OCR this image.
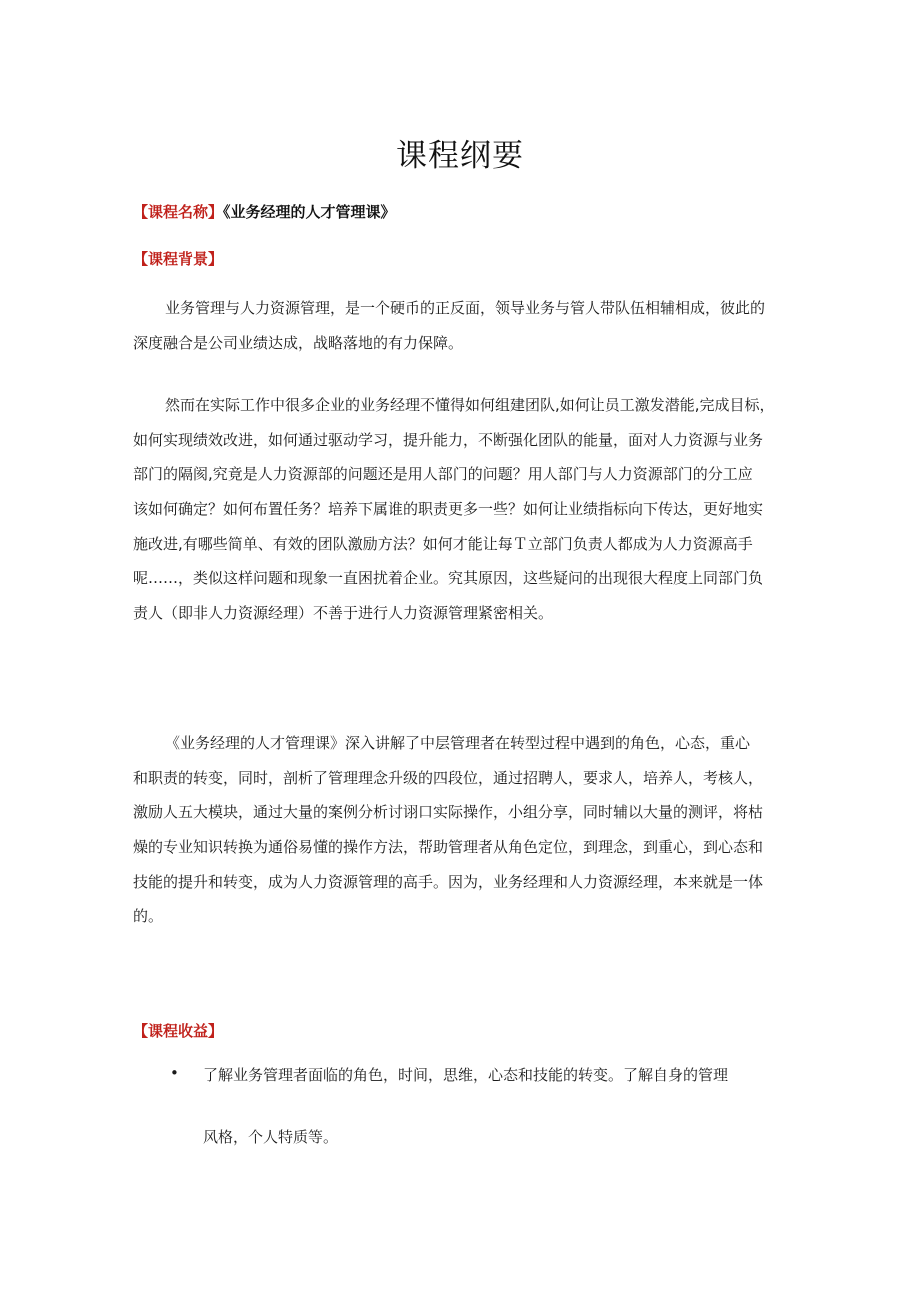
课程纲要
【课程名称】《业务经理的人才管理课》
【课程背景】
业务管理与人力资源管理，是一个硬币的正反面，领导业务与管人带队伍相辅相成，彼此的
深度融合是公司业绩达成，战略落地的有力保障。
然而在实际工作中很多企业的业务经理不懂得如何组建团队,如何让员工激发潜能,完成目标，
如何实现绩效改进，如何通过驱动学习，提升能力，不断强化团队的能量，面对人力资源与业务
部门的隔阂,究竟是人力资源部的问题还是用人部门的问题？用人部门与人力资源部门的分工应
该如何确定？如何布置任务？培养下属谁的职责更多一些？如何让业绩指标向下传达，更好地实
施改进,有哪些简单、有效的团队激励方法？如何才能让每Ｔ立部门负责人都成为人力资源高手
呢……，类似这样问题和现象一直困扰着企业。究其原因，这些疑问的出现很大程度上同部门负
责人（即非人力资源经理）不善于进行人力资源管理紧密相关。
《业务经理的人才管理课》深入讲解了中层管理者在转型过程中遇到的角色，心态，重心
和职责的转变，同时，剖析了管理理念升级的四段位，通过招聘人，要求人，培养人，考核人，
激励人五大模块，通过大量的案例分析讨诩口实际操作，小组分享，同时辅以大量的测评，将枯
燥的专业知识转换为通俗易懂的操作方法，帮助管理者从角色定位，到理念，到重心，到心态和
技能的提升和转变，成为人力资源管理的高手。因为，业务经理和人力资源经理，本来就是一体
的。
【课程收益】
• 了解业务管理者面临的角色，时间，思维，心态和技能的转变。了解自身的管理
风格，个人特质等。
